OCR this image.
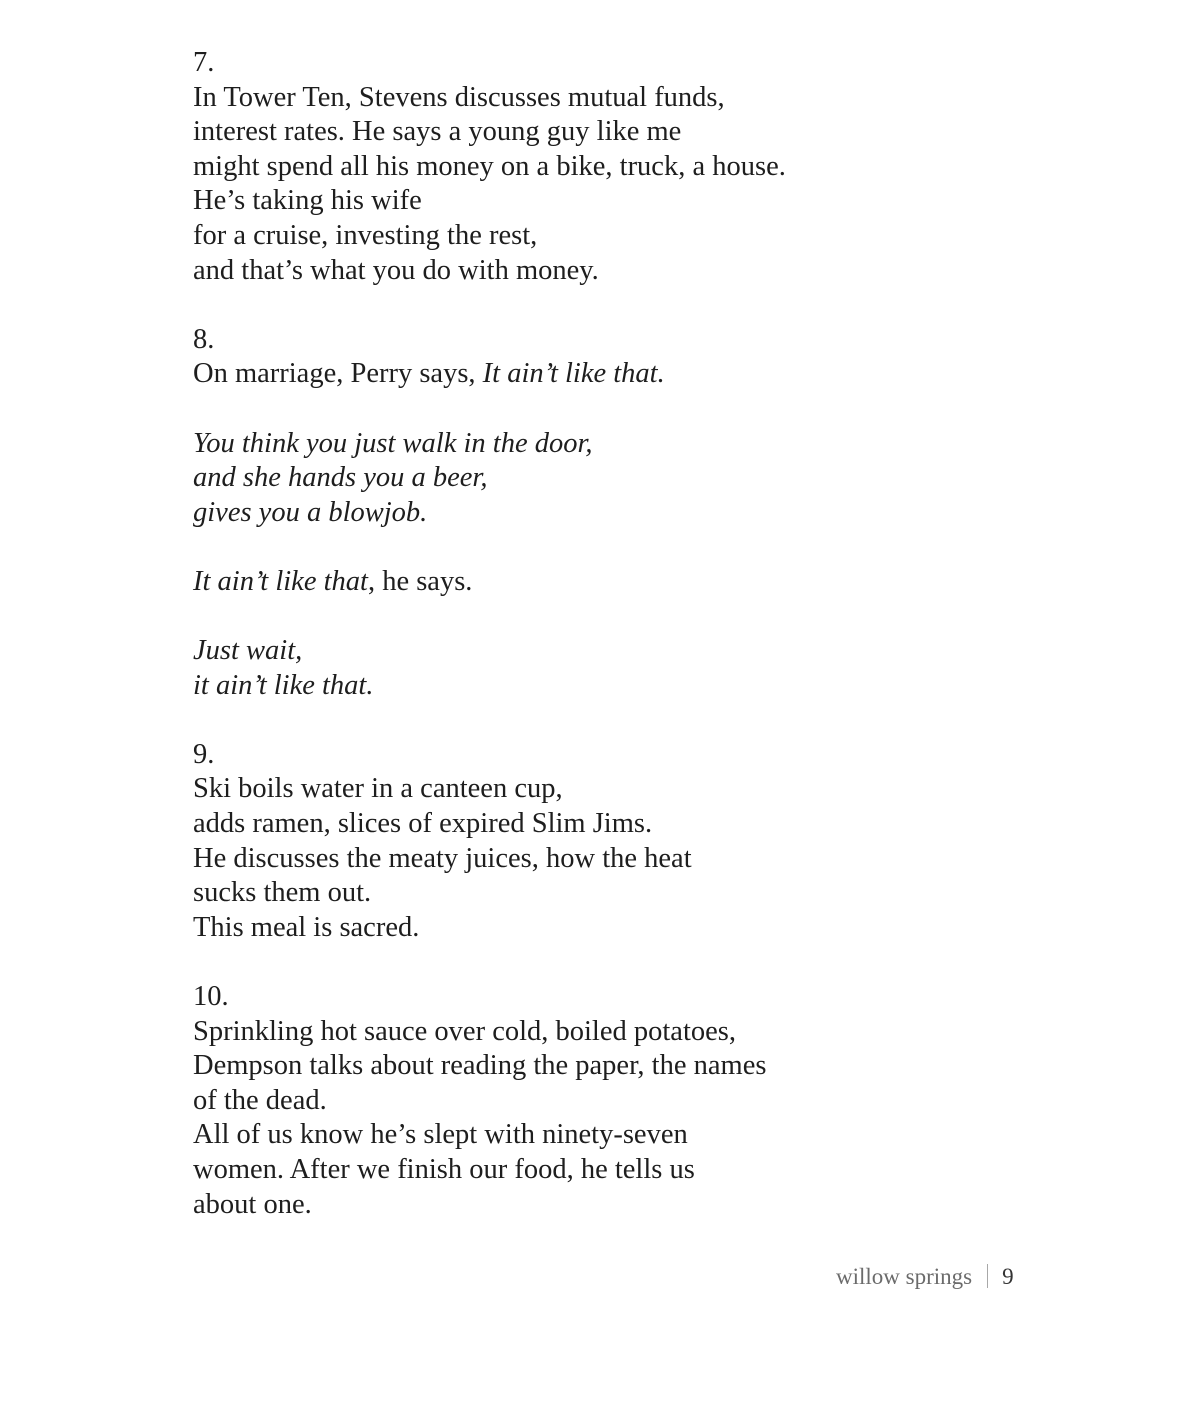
7.
In Tower Ten, Stevens discusses mutual funds,
interest rates. He says a young guy like me
might spend all his money on a bike, truck, a house.
He’s taking his wife
for a cruise, investing the rest,
and that’s what you do with money.
8.
On marriage, Perry says, It ain’t like that.
You think you just walk in the door,
and she hands you a beer,
gives you a blowjob.
It ain’t like that, he says.
Just wait,
it ain’t like that.
9.
Ski boils water in a canteen cup,
adds ramen, slices of expired Slim Jims.
He discusses the meaty juices, how the heat
sucks them out.
This meal is sacred.
10.
Sprinkling hot sauce over cold, boiled potatoes,
Dempson talks about reading the paper, the names
of the dead.
All of us know he’s slept with ninety-seven
women. After we finish our food, he tells us
about one.
willow springs 9
